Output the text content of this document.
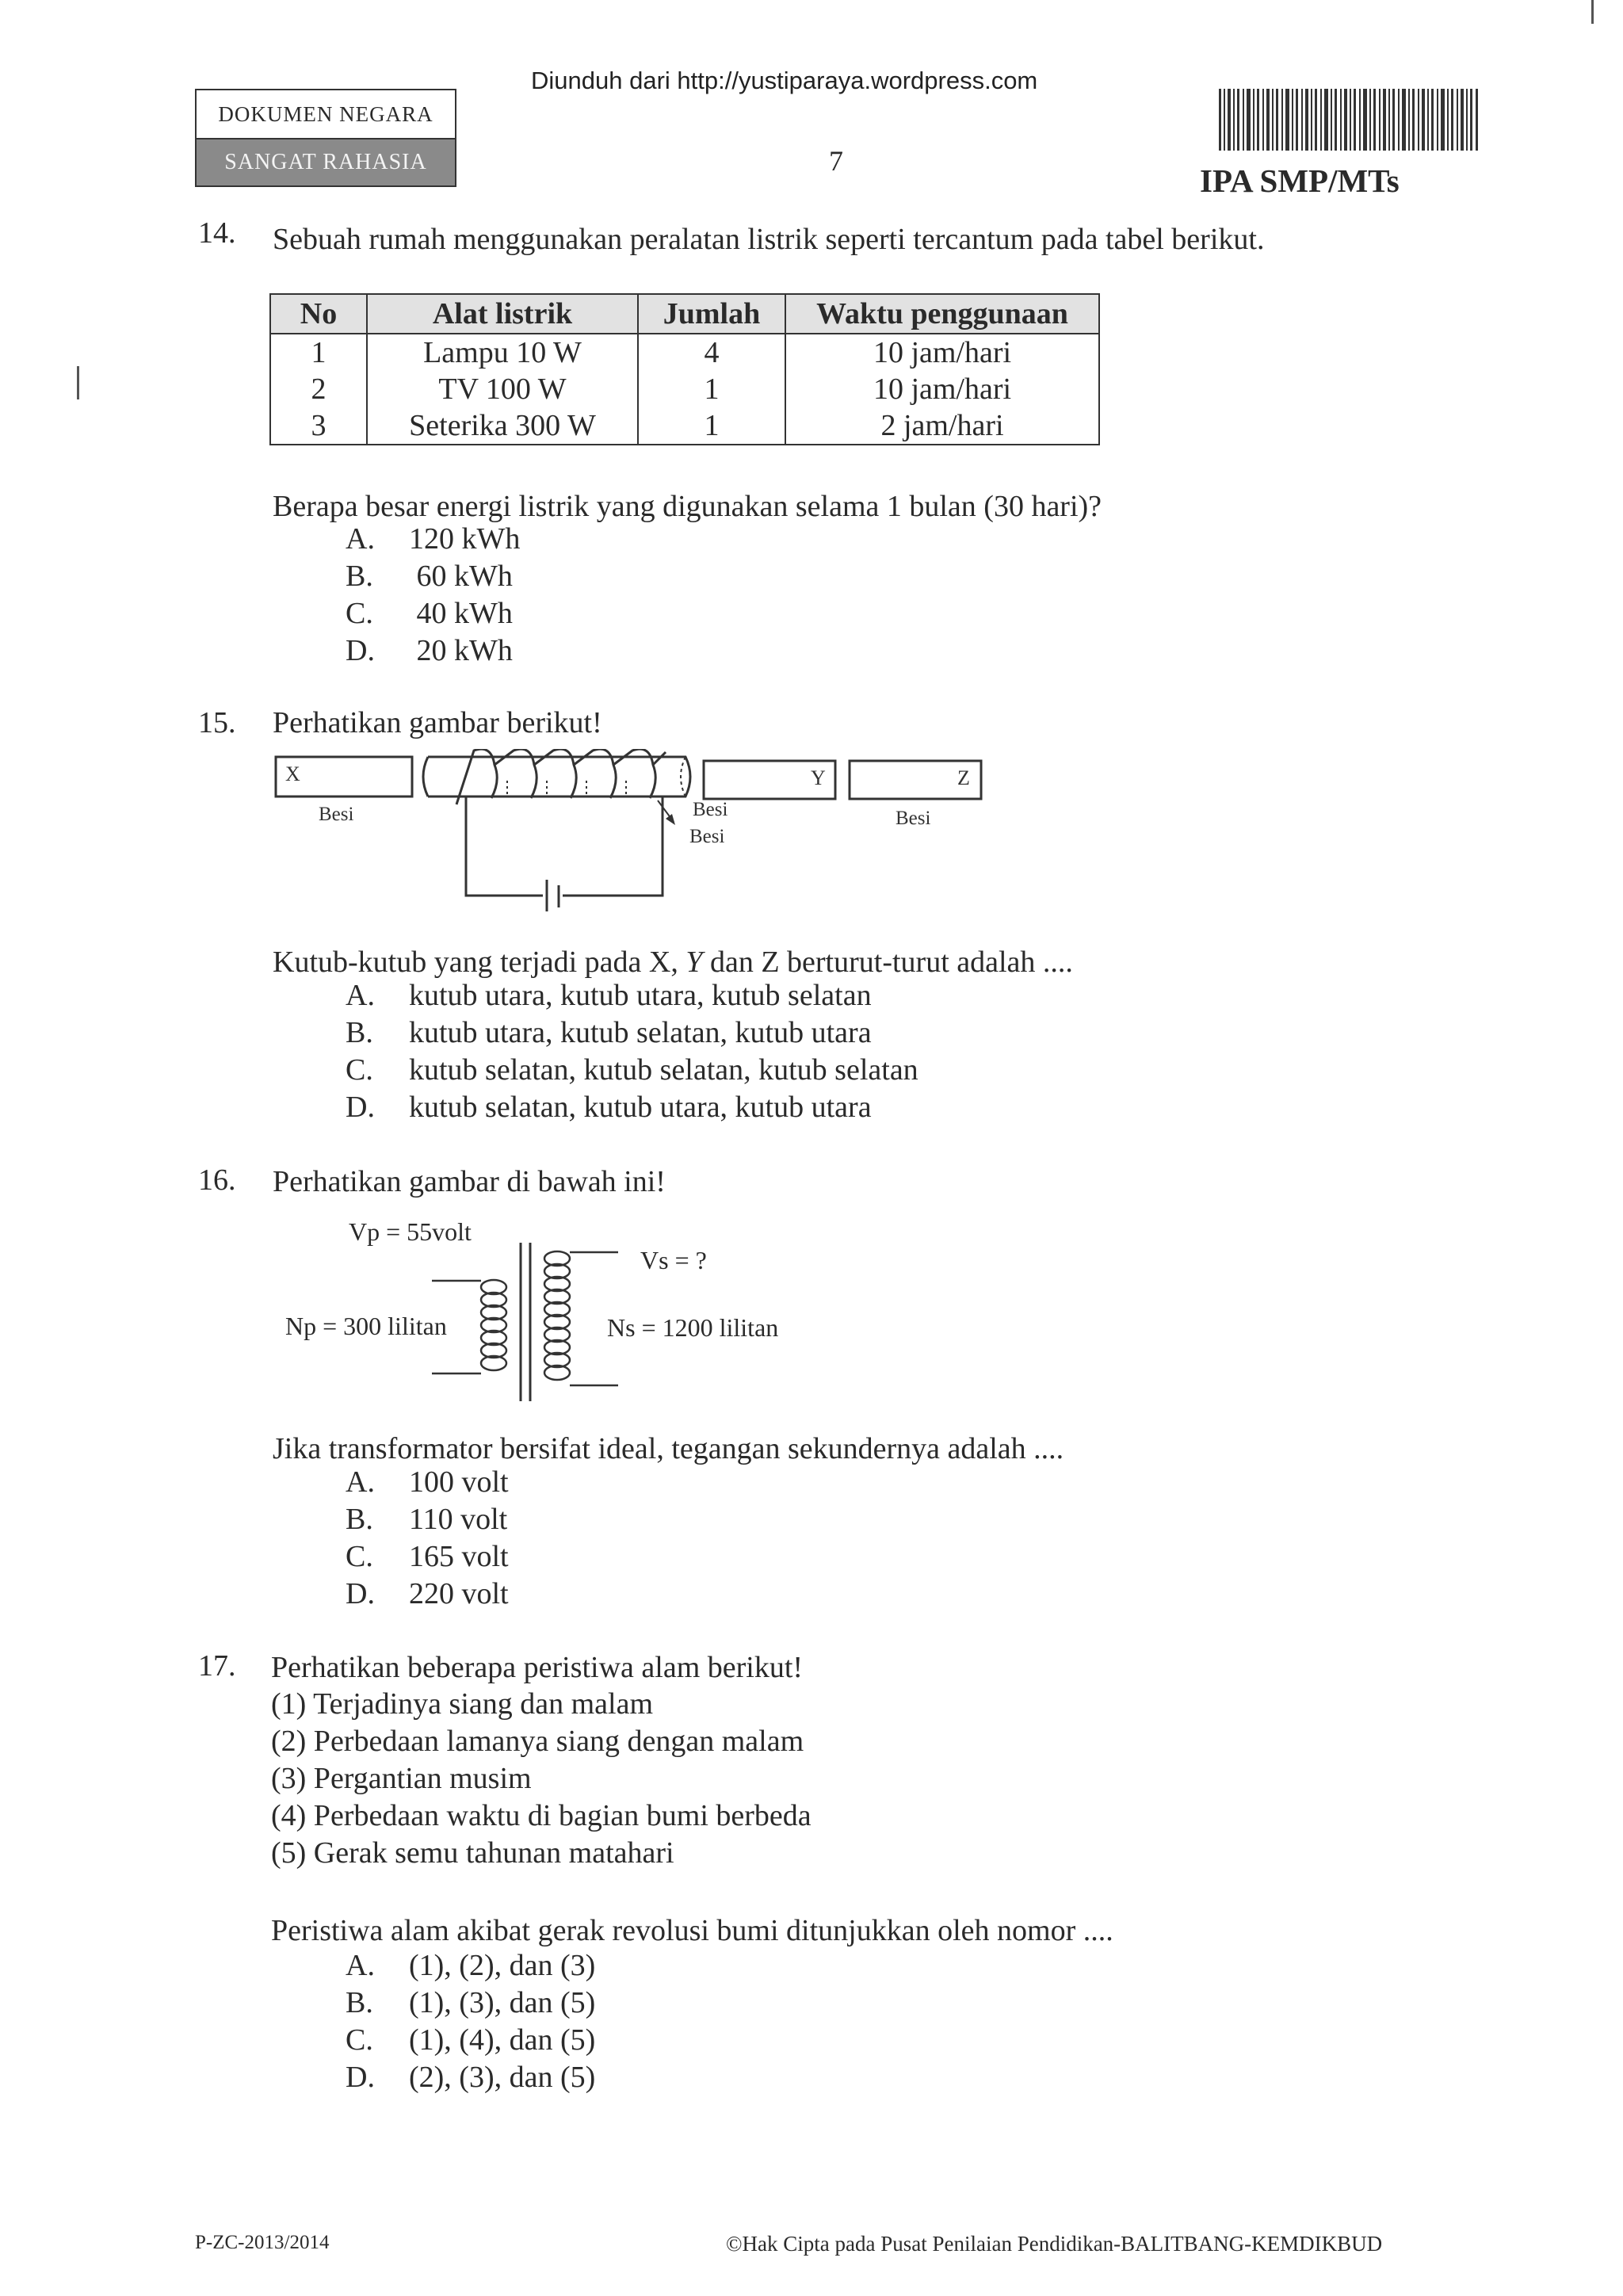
Diunduh dari http://yustiparaya.wordpress.com
DOKUMEN NEGARA
SANGAT RAHASIA	7
IPA SMP/MTs
14. Sebuah rumah menggunakan peralatan listrik seperti tercantum pada tabel berikut.
No	Alat listrik	Jumlah	Waktu penggunaan
1	Lampu 10 W	4	10 jam/hari
2	TV 100 W	1	10 jam/hari
3	Seterika 300 W	1	2 jam/hari
Berapa besar energi listrik yang digunakan selama 1 bulan (30 hari)?
A. 120 kWh
B. 60 kWh
C. 40 kWh
D. 20 kWh
15. Perhatikan gambar berikut!
X
Besi	Besi
Besi
Y	Z
Besi
Kutub-kutub yang terjadi pada X, Y dan Z berturut-turut adalah ....
A. kutub utara, kutub utara, kutub selatan
B. kutub utara, kutub selatan, kutub utara
C. kutub selatan, kutub selatan, kutub selatan
D. kutub selatan, kutub utara, kutub utara
16. Perhatikan gambar di bawah ini!
Vp = 55volt
Vs = ?
Np = 300 lilitan	Ns = 1200 lilitan
Jika transformator bersifat ideal, tegangan sekundernya adalah ....
A. 100 volt
B. 110 volt
C. 165 volt
D. 220 volt
17. Perhatikan beberapa peristiwa alam berikut!
(1) Terjadinya siang dan malam
(2) Perbedaan lamanya siang dengan malam
(3) Pergantian musim
(4) Perbedaan waktu di bagian bumi berbeda
(5) Gerak semu tahunan matahari
Peristiwa alam akibat gerak revolusi bumi ditunjukkan oleh nomor ....
A. (1), (2), dan (3)
B. (1), (3), dan (5)
C. (1), (4), dan (5)
D. (2), (3), dan (5)
P-ZC-2013/2014	©Hak Cipta pada Pusat Penilaian Pendidikan-BALITBANG-KEMDIKBUD
